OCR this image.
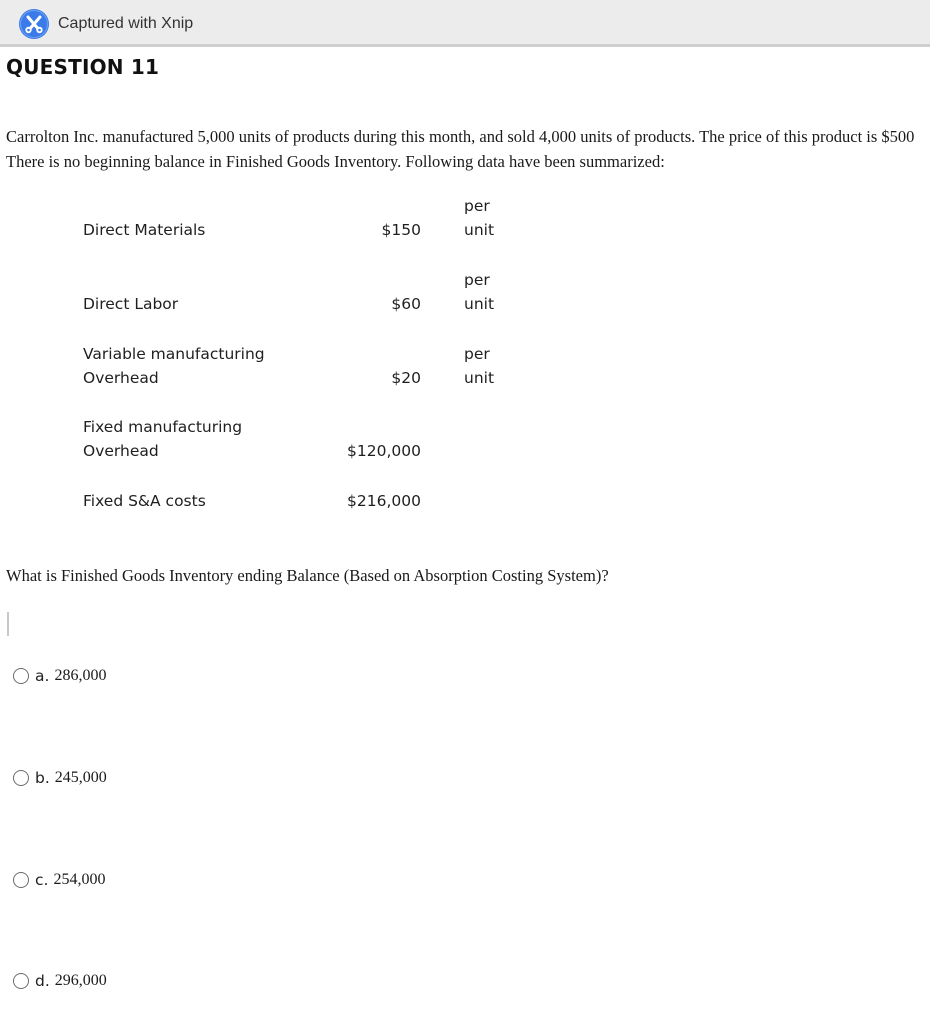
Captured with Xnip
QUESTION 11

Carrolton Inc. manufactured 5,000 units of products during this month, and sold 4,000 units of products. The price of this product is $500

There is no beginning balance in Finished Goods Inventory. Following data have been summarized:

Direct Materials	$150
per
unit
Direct Labor	$60
per
unit
Variable manufacturing
Overhead	$20
per
unit
Fixed manufacturing
Overhead	$120,000
Fixed S&A costs	$216,000
What is Finished Goods Inventory ending Balance (Based on Absorption Costing System)?
a. 286,000
b. 245,000
c. 254,000
d. 296,000
